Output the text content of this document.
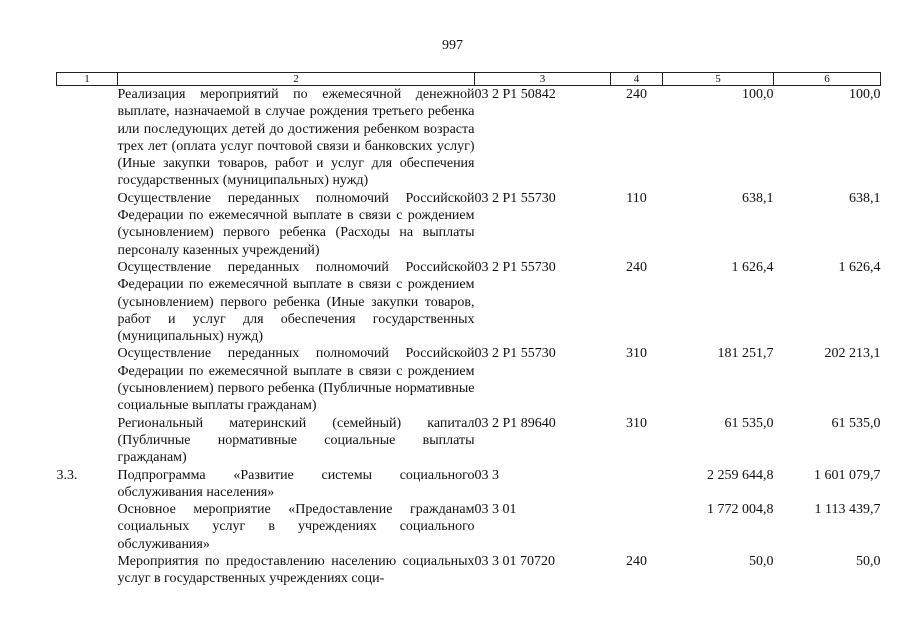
997
1	2	3	4	5	6
	Реализация мероприятий по ежемесячной денежной выплате, назначаемой в случае рождения третьего ребенка или последующих детей до достижения ребенком возраста трех лет (оплата услуг почтовой связи и банковских услуг) (Иные закупки товаров, работ и услуг для обеспечения государственных (муниципальных) нужд)	03 2 P1 50842	240	100,0	100,0
	Осуществление переданных полномочий Российской Федерации по ежемесячной выплате в связи с рождением (усыновлением) первого ребенка (Расходы на выплаты персоналу казенных учреждений)	03 2 P1 55730	110	638,1	638,1
	Осуществление переданных полномочий Российской Федерации по ежемесячной выплате в связи с рождением (усыновлением) первого ребенка (Иные закупки товаров, работ и услуг для обеспечения государственных (муниципальных) нужд)	03 2 P1 55730	240	1 626,4	1 626,4
	Осуществление переданных полномочий Российской Федерации по ежемесячной выплате в связи с рождением (усыновлением) первого ребенка (Публичные нормативные социальные выплаты гражданам)	03 2 P1 55730	310	181 251,7	202 213,1
	Региональный материнский (семейный) капитал (Публичные нормативные социальные выплаты гражданам)	03 2 P1 89640	310	61 535,0	61 535,0
3.3.	Подпрограмма «Развитие системы социального обслуживания населения»	03 3		2 259 644,8	1 601 079,7
	Основное мероприятие «Предоставление гражданам социальных услуг в учреждениях социального обслуживания»	03 3 01		1 772 004,8	1 113 439,7
	Мероприятия по предоставлению населению социальных услуг в государственных учреждениях соци-	03 3 01 70720	240	50,0	50,0
